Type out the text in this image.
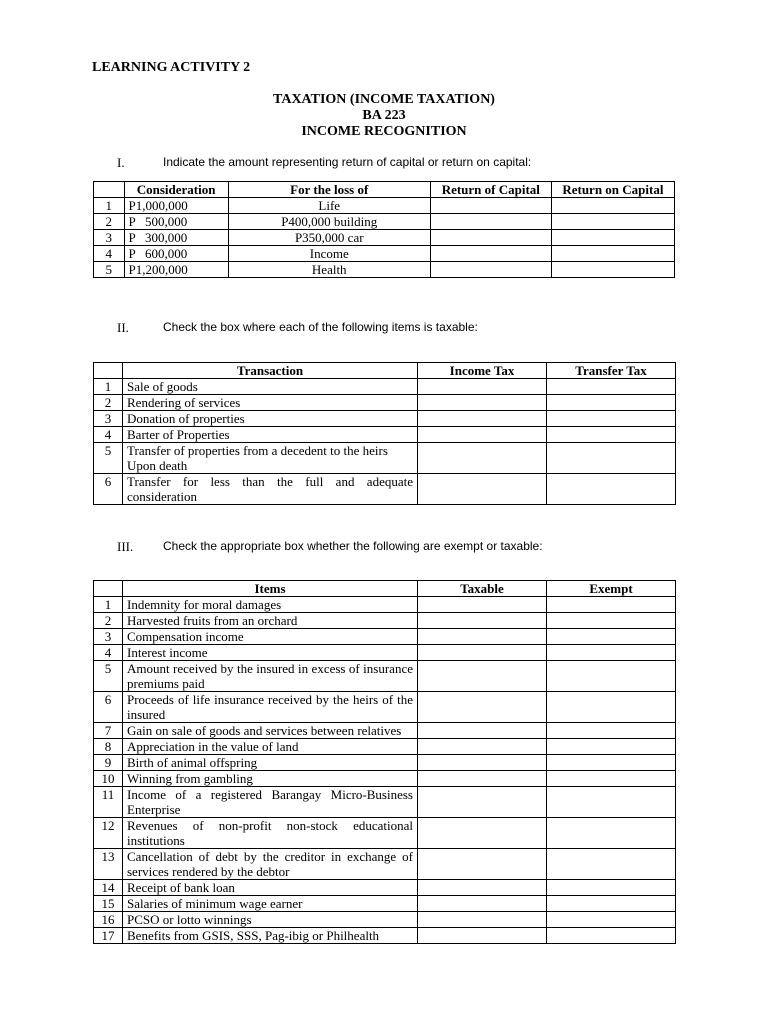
LEARNING ACTIVITY 2
TAXATION (INCOME TAXATION)
BA 223
INCOME RECOGNITION
I.	Indicate the amount representing return of capital or return on capital:
	Consideration	For the loss of	Return of Capital	Return on Capital
1	P1,000,000	Life		
2	P   500,000	P400,000 building		
3	P   300,000	P350,000 car		
4	P   600,000	Income		
5	P1,200,000	Health		
II.	Check the box where each of the following items is taxable:
	Transaction	Income Tax	Transfer Tax
1	Sale of goods		

2	Rendering of services		

3	Donation of properties		

4	Barter of Properties		

5	Transfer of properties from a decedent to the heirs
Upon death		

6	Transfer for less than the full and adequate consideration		

III. Check the appropriate box whether the following are exempt or taxable:
	Items	Taxable	Exempt
1	Indemnity for moral damages		
2	Harvested fruits from an orchard		
3	Compensation income		
4	Interest income		
5	Amount received by the insured in excess of insurance premiums paid		
6	Proceeds of life insurance received by the heirs of the insured		
7	Gain on sale of goods and services between relatives		
8	Appreciation in the value of land		
9	Birth of animal offspring		
10	Winning from gambling		
11	Income of a registered Barangay Micro-Business Enterprise		
12	Revenues of non-profit non-stock educational institutions		
13	Cancellation of debt by the creditor in exchange of services rendered by the debtor		
14	Receipt of bank loan		
15	Salaries of minimum wage earner		
16	PCSO or lotto winnings		
17	Benefits from GSIS, SSS, Pag-ibig or Philhealth		
